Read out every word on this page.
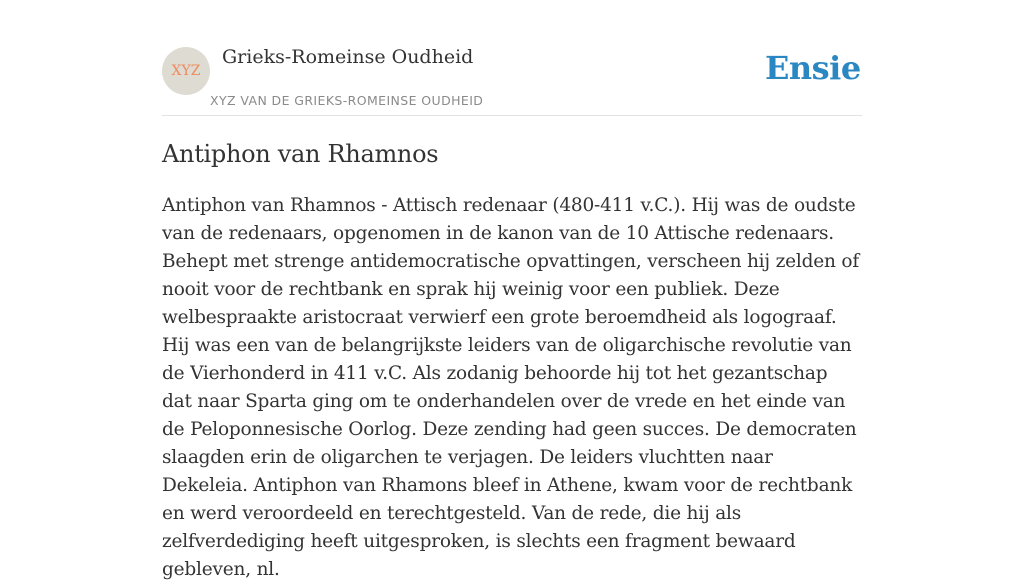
XYZ
Grieks-Romeinse Oudheid
XYZ VAN DE GRIEKS-ROMEINSE OUDHEID
Ensie
Antiphon van Rhamnos

Antiphon van Rhamnos - Attisch redenaar (480-411 v.C.). Hij was de oudste van de redenaars, opgenomen in de kanon van de 10 Attische redenaars. Behept met strenge antidemocratische opvattingen, verscheen hij zelden of nooit voor de rechtbank en sprak hij weinig voor een publiek. Deze welbespraakte aristocraat verwierf een grote beroemdheid als logograaf. Hij was een van de belangrijkste leiders van de oligarchische revolutie van de Vierhonderd in 411 v.C. Als zodanig behoorde hij tot het gezantschap dat naar Sparta ging om te onderhandelen over de vrede en het einde van de Peloponnesische Oorlog. Deze zending had geen succes. De democraten slaagden erin de oligarchen te verjagen. De leiders vluchtten naar Dekeleia. Antiphon van Rhamons bleef in Athene, kwam voor de rechtbank en werd veroordeeld en terechtgesteld. Van de rede, die hij als zelfverdediging heeft uitgesproken, is slechts een fragment bewaard gebleven, nl.
